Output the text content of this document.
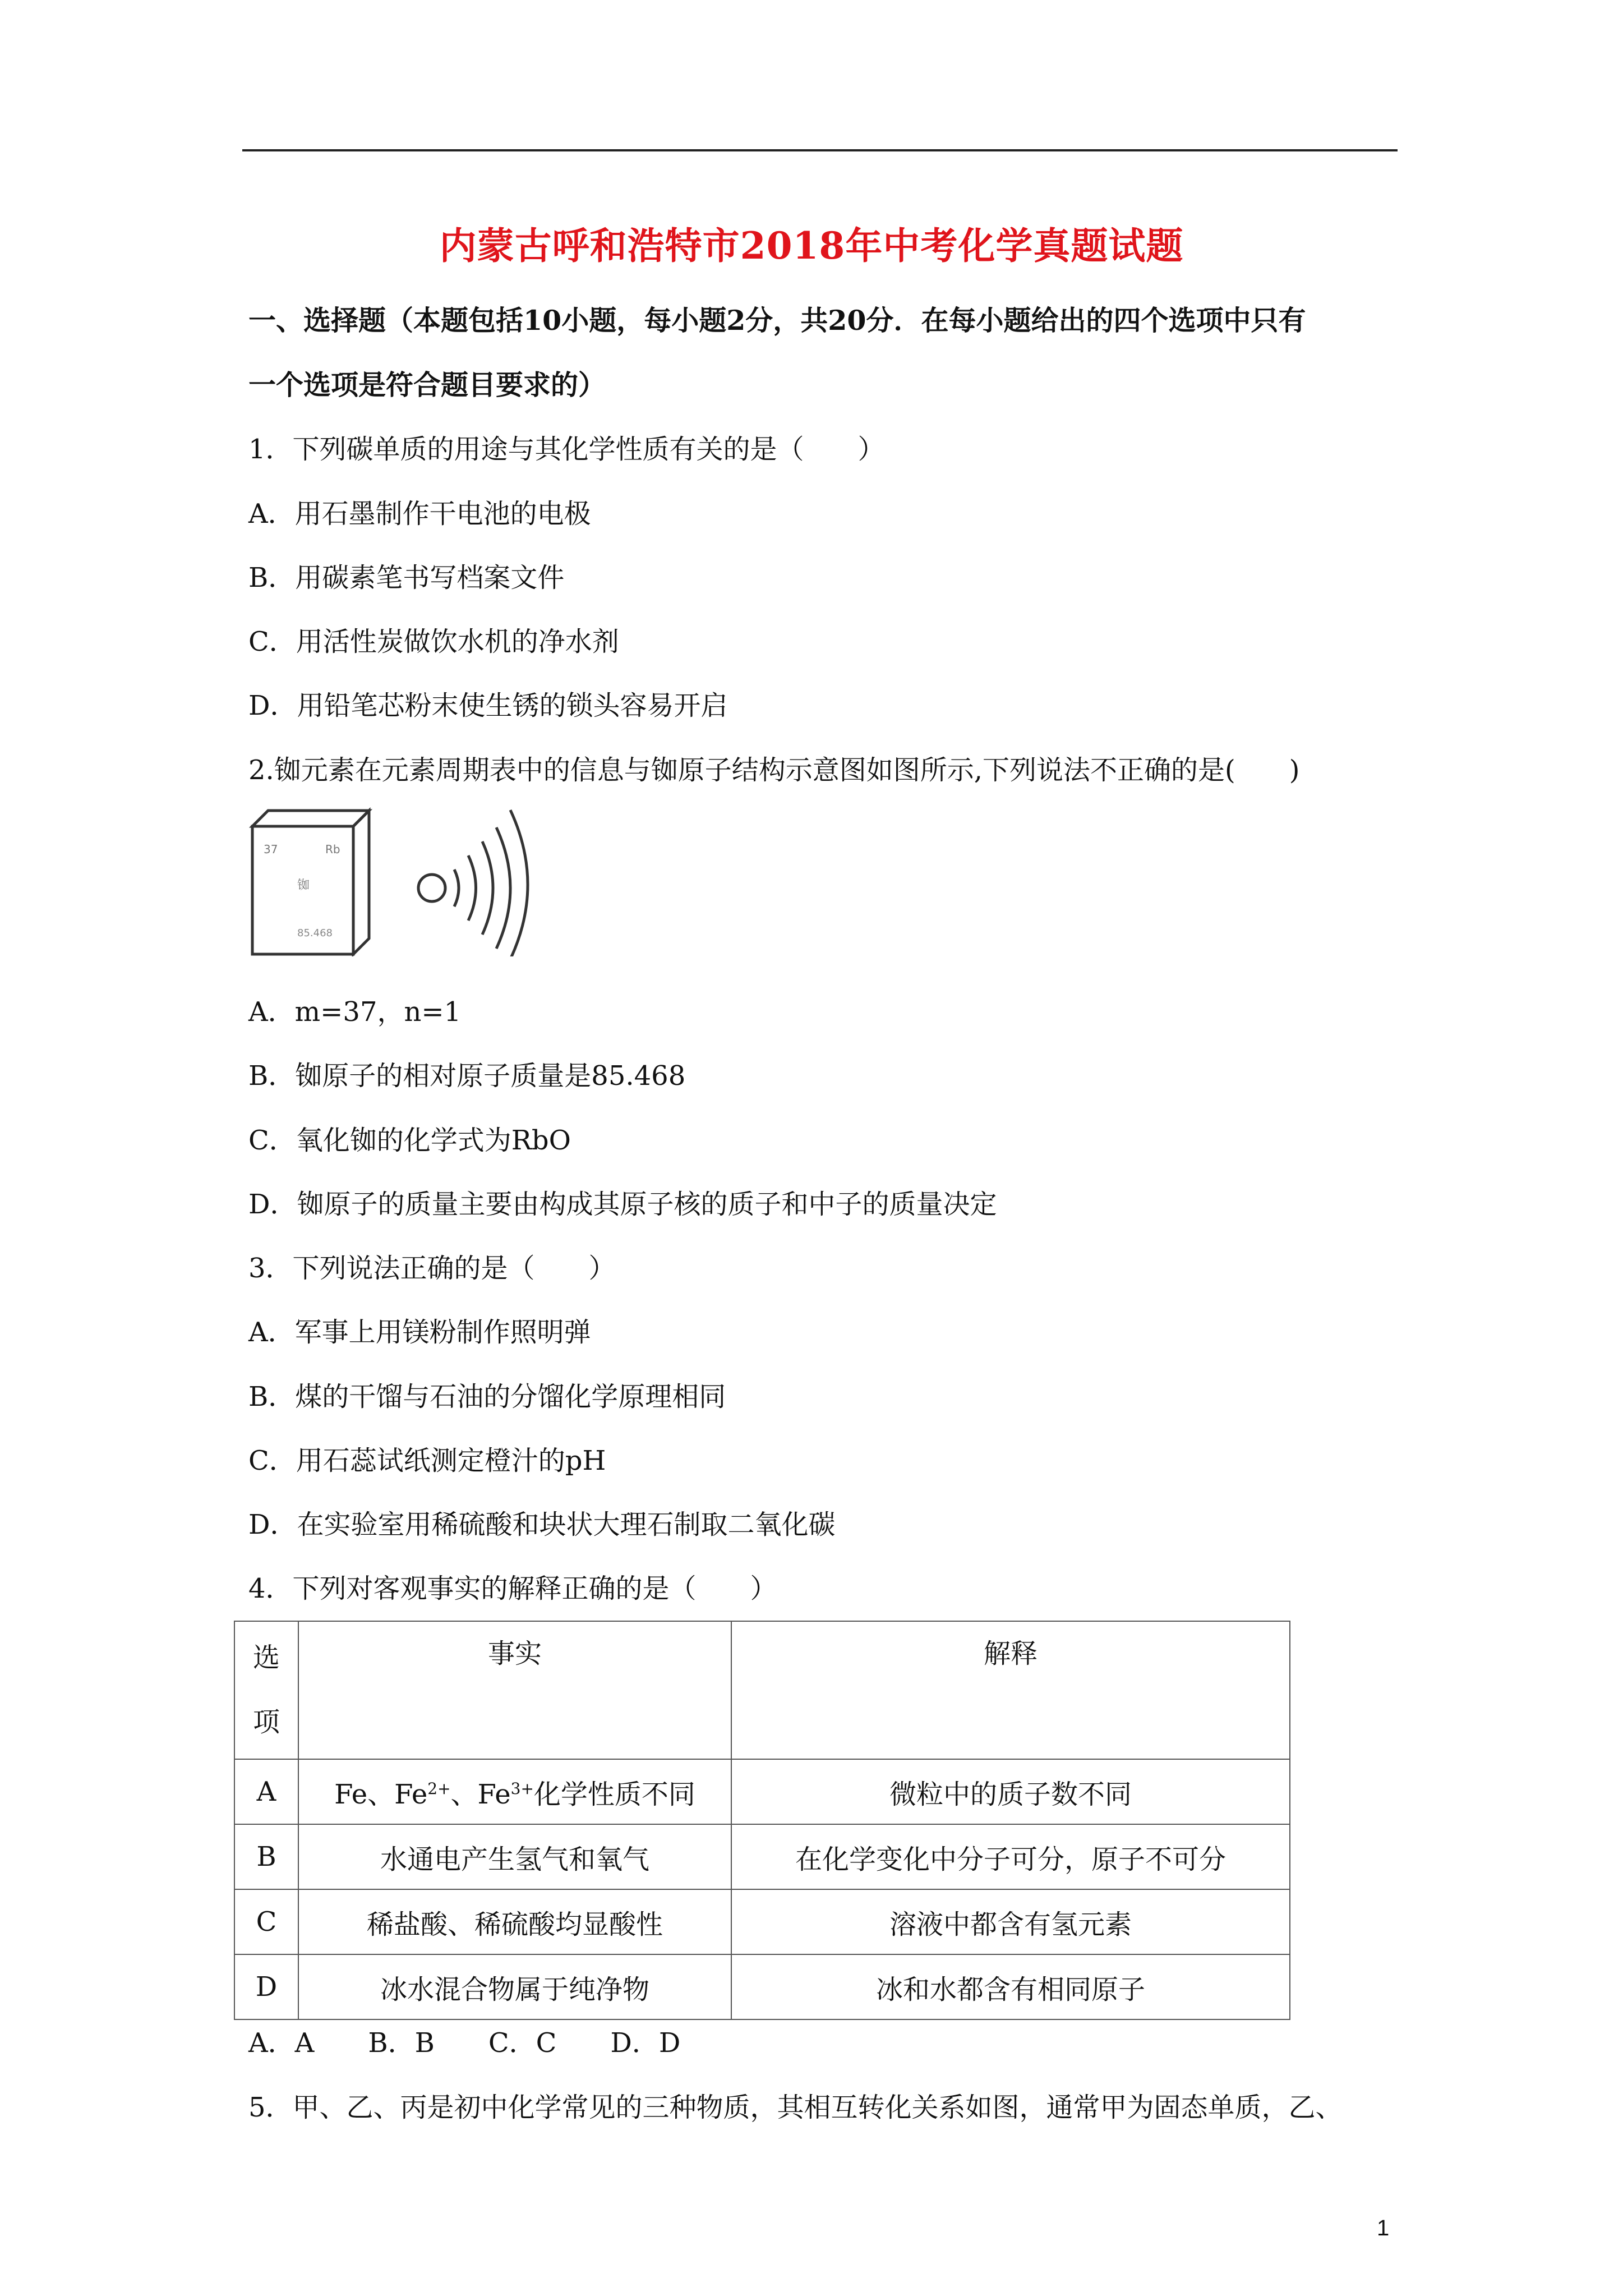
内蒙古呼和浩特市2018年中考化学真题试题
一、选择题（本题包括10小题，每小题2分，共20分．在每小题给出的四个选项中只有
一个选项是符合题目要求的）
1．下列碳单质的用途与其化学性质有关的是（　　）
A．用石墨制作干电池的电极
B．用碳素笔书写档案文件
C．用活性炭做饮水机的净水剂
D．用铅笔芯粉末使生锈的锁头容易开启
2.铷元素在元素周期表中的信息与铷原子结构示意图如图所示,下列说法不正确的是(　　)
37	Rb
铷
85.468
A．m=37，n=1
B．铷原子的相对原子质量是85.468
C．氧化铷的化学式为RbO
D．铷原子的质量主要由构成其原子核的质子和中子的质量决定
3．下列说法正确的是（　　）
A．军事上用镁粉制作照明弹
B．煤的干馏与石油的分馏化学原理相同
C．用石蕊试纸测定橙汁的pH
D．在实验室用稀硫酸和块状大理石制取二氧化碳
4．下列对客观事实的解释正确的是（　　）
选
项	事实	解释
A	Fe、$Fe^{2+}$、$Fe^{3+}$化学性质不同	微粒中的质子数不同
B	水通电产生氢气和氧气	在化学变化中分子可分，原子不可分
C	稀盐酸、稀硫酸均显酸性	溶液中都含有氢元素
D	冰水混合物属于纯净物	冰和水都含有相同原子
A．A　　B．B　　C．C　　D．D
5．甲、乙、丙是初中化学常见的三种物质，其相互转化关系如图，通常甲为固态单质，乙、
1
